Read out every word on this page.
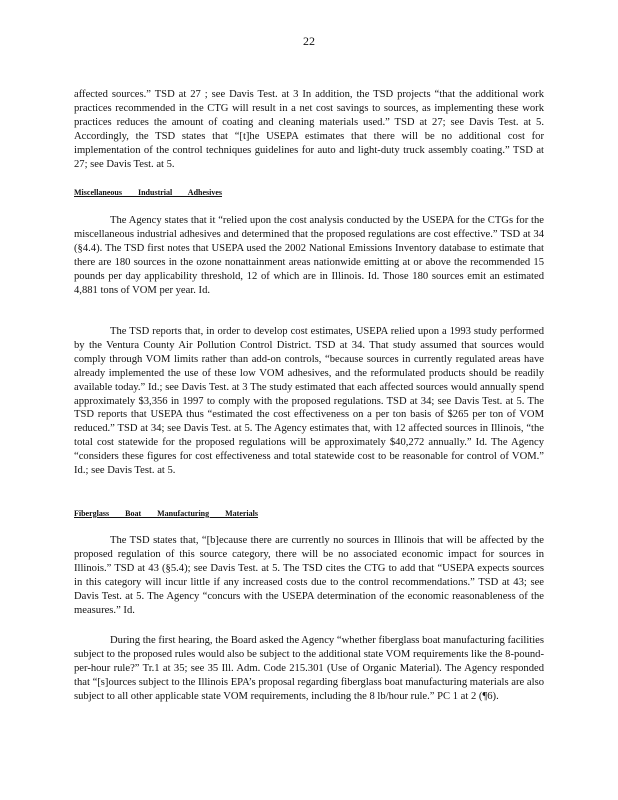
22

affected sources.” TSD at 27 ; see Davis Test. at 3 In addition, the TSD projects “that the additional work practices recommended in the CTG will result in a net cost savings to sources, as implementing these work practices reduces the amount of coating and cleaning materials used.” TSD at 27; see Davis Test. at 5. Accordingly, the TSD states that “[t]he USEPA estimates that there will be no additional cost for implementation of the control techniques guidelines for auto and light-duty truck assembly coating.” TSD at 27; see Davis Test. at 5.

Miscellaneous Industrial Adhesives

The Agency states that it “relied upon the cost analysis conducted by the USEPA for the CTGs for the miscellaneous industrial adhesives and determined that the proposed regulations are cost effective.” TSD at 34 (§4.4). The TSD first notes that USEPA used the 2002 National Emissions Inventory database to estimate that there are 180 sources in the ozone nonattainment areas nationwide emitting at or above the recommended 15 pounds per day applicability threshold, 12 of which are in Illinois. Id. Those 180 sources emit an estimated 4,881 tons of VOM per year. Id.

The TSD reports that, in order to develop cost estimates, USEPA relied upon a 1993 study performed by the Ventura County Air Pollution Control District. TSD at 34. That study assumed that sources would comply through VOM limits rather than add-on controls, “because sources in currently regulated areas have already implemented the use of these low VOM adhesives, and the reformulated products should be readily available today.” Id.; see Davis Test. at 3 The study estimated that each affected sources would annually spend approximately $3,356 in 1997 to comply with the proposed regulations. TSD at 34; see Davis Test. at 5. The TSD reports that USEPA thus “estimated the cost effectiveness on a per ton basis of $265 per ton of VOM reduced.” TSD at 34; see Davis Test. at 5. The Agency estimates that, with 12 affected sources in Illinois, “the total cost statewide for the proposed regulations will be approximately $40,272 annually.” Id. The Agency “considers these figures for cost effectiveness and total statewide cost to be reasonable for control of VOM.” Id.; see Davis Test. at 5.

Fiberglass Boat Manufacturing Materials

The TSD states that, “[b]ecause there are currently no sources in Illinois that will be affected by the proposed regulation of this source category, there will be no associated economic impact for sources in Illinois.” TSD at 43 (§5.4); see Davis Test. at 5. The TSD cites the CTG to add that “USEPA expects sources in this category will incur little if any increased costs due to the control recommendations.” TSD at 43; see Davis Test. at 5. The Agency “concurs with the USEPA determination of the economic reasonableness of the measures.” Id.

During the first hearing, the Board asked the Agency “whether fiberglass boat manufacturing facilities subject to the proposed rules would also be subject to the additional state VOM requirements like the 8-pound-per-hour rule?” Tr.1 at 35; see 35 Ill. Adm. Code 215.301 (Use of Organic Material). The Agency responded that “[s]ources subject to the Illinois EPA’s proposal regarding fiberglass boat manufacturing materials are also subject to all other applicable state VOM requirements, including the 8 lb/hour rule.” PC 1 at 2 (¶6).
